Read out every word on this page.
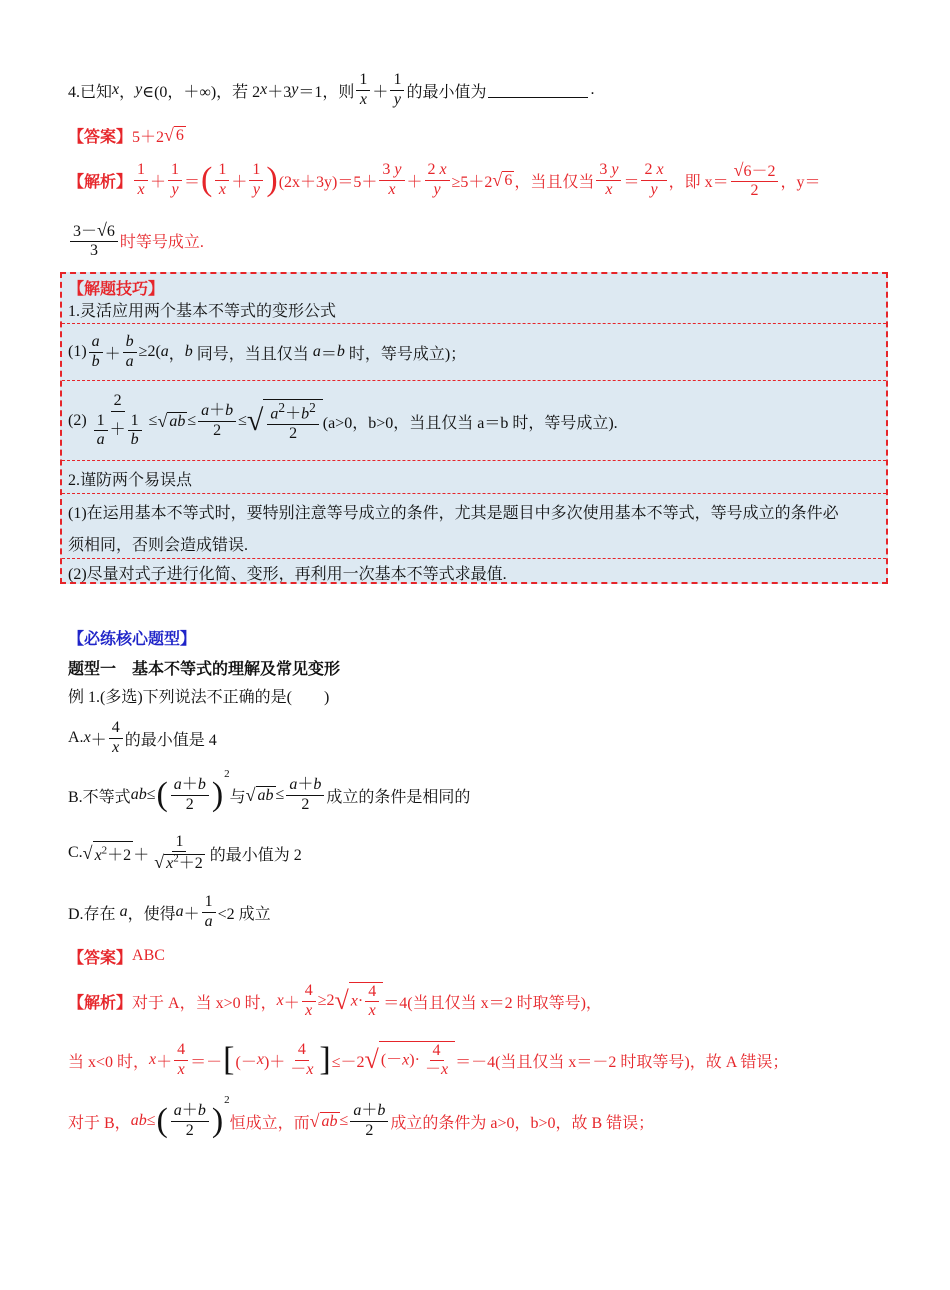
4.已知 x ， y ∈(0，＋∞)，若 2 x ＋3 y ＝1，则 $\frac{1}{x} + \frac{1}{y}$ 的最小值为	.
【答案】 5＋2 √ 6
【解析】 $\frac{1}{x} + \frac{1}{y}$ ＝ ( $\frac{1}{x} + \frac{1}{y}$ ) $(2x+3y)=5+ \frac{3 y}{x} + \frac{2 x}{y} \ge 5+2$ √ 6 ，当且仅当 $\frac{3 y}{x} = \frac{2 x}{y}$ ，即 $x= \frac{√6-2}{2}$ ，y＝
$\frac{3-√6}{3}$ 时等号成立.
【解题技巧】
1.灵活应用两个基本不等式的变形公式
$(1) \frac{a}{b} + \frac{b}{a} \ge 2$( a ， b
同号，当且仅当
a ＝ b
时，等号成立)；
$(2) \frac{2}{\frac{1}{a} + \frac{1}{b}}$ ≤ √ ab ≤ $\frac{a+b}{2}$ ≤ √ $\frac{a^2+b^2}{2} (a>0$，b>0，当且仅当 a＝b 时，等号成立).
2.谨防两个易误点
(1)在运用基本不等式时，要特别注意等号成立的条件，尤其是题目中多次使用基本不等式，等号成立的条件必
须相同，否则会造成错误.
(2)尽量对式子进行化简、变形，再利用一次基本不等式求最值.
【必练核心题型】
题型一　基本不等式的理解及常见变形
例 1.(多选)下列说法不正确的是(　　)
A. $x + \frac{4}{x}$ 的最小值是 4
B.不等式 ab ≤ ( $\frac{a+b}{2}$ )
$^2$
与 √ ab ≤ $\frac{a+b}{2}$ 成立的条件是相同的
C. √ $x^2+2 + \frac{1}{√ x^2+2}$ 的最小值为 2
D.存在
a ，使得 $a + \frac{1}{a} <2$ 成立
【答案】 ABC
【解析】 对于 A，当 x>0 时， $x + \frac{4}{x} \ge 2$ √ $x\cdot \frac{4}{x} =4$(当且仅当 x＝2 时取等号)，
当 x<0 时， $x + \frac{4}{x}$ ＝－ [ (－ x )＋ $\frac{4}{-x}$ ] ≤－2 √ $(-x)\cdot \frac{4}{-x} =-4$(当且仅当 x＝－2 时取等号)，故 A 错误；
对于 B， ab ≤ ( $\frac{a+b}{2}$ )
$^2$
恒成立，而 √ ab ≤ $\frac{a+b}{2}$ 成立的条件为 a>0，b>0，故 B 错误；
